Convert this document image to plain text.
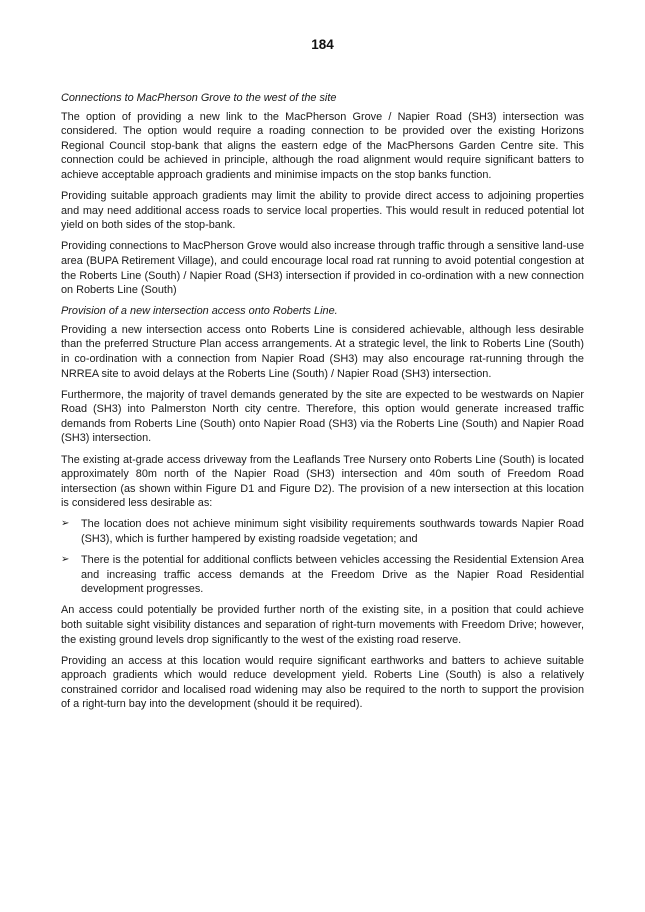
184
Connections to MacPherson Grove to the west of the site

The option of providing a new link to the MacPherson Grove / Napier Road (SH3) intersection was considered. The option would require a roading connection to be provided over the existing Horizons Regional Council stop-bank that aligns the eastern edge of the MacPhersons Garden Centre site. This connection could be achieved in principle, although the road alignment would require significant batters to achieve acceptable approach gradients and minimise impacts on the stop banks function.

Providing suitable approach gradients may limit the ability to provide direct access to adjoining properties and may need additional access roads to service local properties. This would result in reduced potential lot yield on both sides of the stop-bank.

Providing connections to MacPherson Grove would also increase through traffic through a sensitive land-use area (BUPA Retirement Village), and could encourage local road rat running to avoid potential congestion at the Roberts Line (South) / Napier Road (SH3) intersection if provided in co-ordination with a new connection on Roberts Line (South)

Provision of a new intersection access onto Roberts Line.

Providing a new intersection access onto Roberts Line is considered achievable, although less desirable than the preferred Structure Plan access arrangements. At a strategic level, the link to Roberts Line (South) in co-ordination with a connection from Napier Road (SH3) may also encourage rat-running through the NRREA site to avoid delays at the Roberts Line (South) / Napier Road (SH3) intersection.

Furthermore, the majority of travel demands generated by the site are expected to be westwards on Napier Road (SH3) into Palmerston North city centre. Therefore, this option would generate increased traffic demands from Roberts Line (South) onto Napier Road (SH3) via the Roberts Line (South) and Napier Road (SH3) intersection.

The existing at-grade access driveway from the Leaflands Tree Nursery onto Roberts Line (South) is located approximately 80m north of the Napier Road (SH3) intersection and 40m south of Freedom Road intersection (as shown within Figure D1 and Figure D2). The provision of a new intersection at this location is considered less desirable as:

➢ The location does not achieve minimum sight visibility requirements southwards towards Napier Road (SH3), which is further hampered by existing roadside vegetation; and
➢ There is the potential for additional conflicts between vehicles accessing the Residential Extension Area and increasing traffic access demands at the Freedom Drive as the Napier Road Residential development progresses.

An access could potentially be provided further north of the existing site, in a position that could achieve both suitable sight visibility distances and separation of right-turn movements with Freedom Drive; however, the existing ground levels drop significantly to the west of the existing road reserve.

Providing an access at this location would require significant earthworks and batters to achieve suitable approach gradients which would reduce development yield. Roberts Line (South) is also a relatively constrained corridor and localised road widening may also be required to the north to support the provision of a right-turn bay into the development (should it be required).
